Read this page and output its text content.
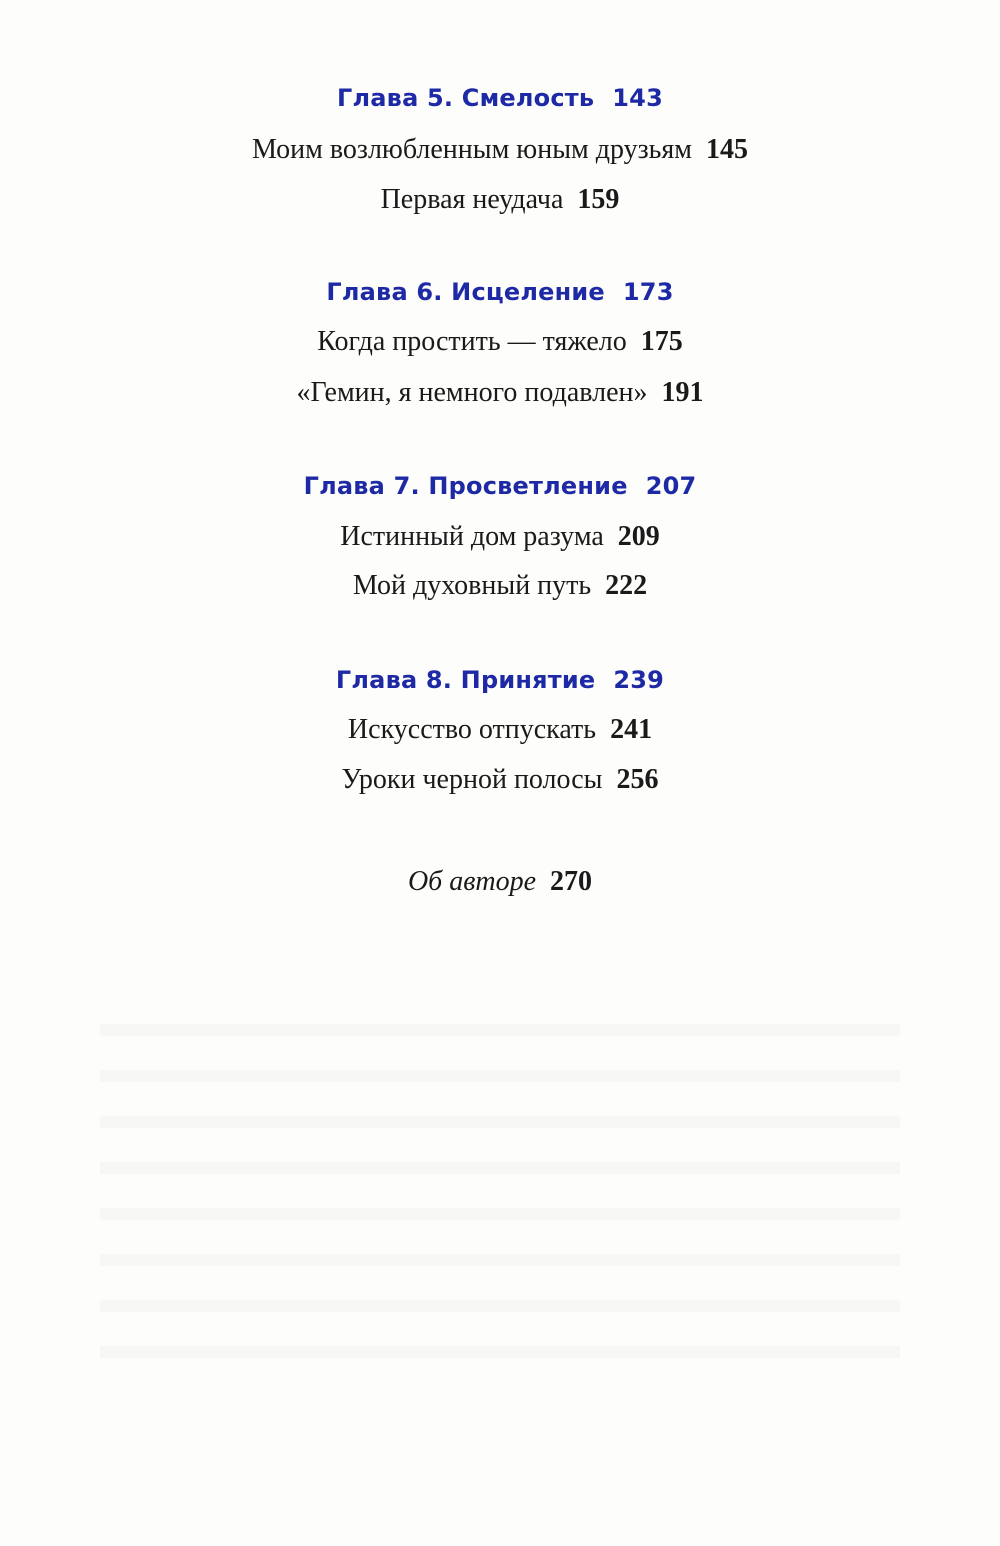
Глава 5. Смелость 143
Моим возлюбленным юным друзьям 145
Первая неудача 159
Глава 6. Исцеление 173
Когда простить — тяжело 175
«Гемин, я немного подавлен» 191
Глава 7. Просветление 207
Истинный дом разума 209
Мой духовный путь 222
Глава 8. Принятие 239
Искусство отпускать 241
Уроки черной полосы 256
Об авторе 270
